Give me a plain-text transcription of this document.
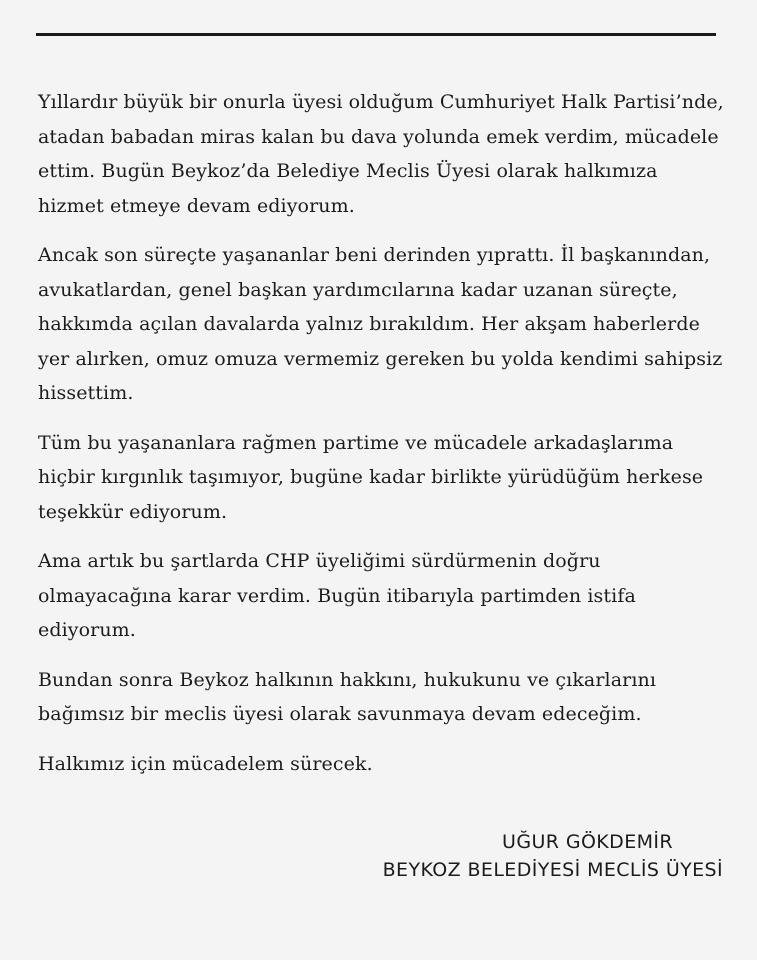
Yıllardır büyük bir onurla üyesi olduğum Cumhuriyet Halk Partisi’nde, atadan babadan miras kalan bu dava yolunda emek verdim, mücadele ettim. Bugün Beykoz’da Belediye Meclis Üyesi olarak halkımıza hizmet etmeye devam ediyorum.

Ancak son süreçte yaşananlar beni derinden yıprattı. İl başkanından, avukatlardan, genel başkan yardımcılarına kadar uzanan süreçte, hakkımda açılan davalarda yalnız bırakıldım. Her akşam haberlerde yer alırken, omuz omuza vermemiz gereken bu yolda kendimi sahipsiz hissettim.

Tüm bu yaşananlara rağmen partime ve mücadele arkadaşlarıma hiçbir kırgınlık taşımıyor, bugüne kadar birlikte yürüdüğüm herkese teşekkür ediyorum.

Ama artık bu şartlarda CHP üyeliğimi sürdürmenin doğru olmayacağına karar verdim. Bugün itibarıyla partimden istifa ediyorum.

Bundan sonra Beykoz halkının hakkını, hukukunu ve çıkarlarını bağımsız bir meclis üyesi olarak savunmaya devam edeceğim.

Halkımız için mücadelem sürecek.

UĞUR GÖKDEMİR
BEYKOZ BELEDİYESİ MECLİS ÜYESİ
